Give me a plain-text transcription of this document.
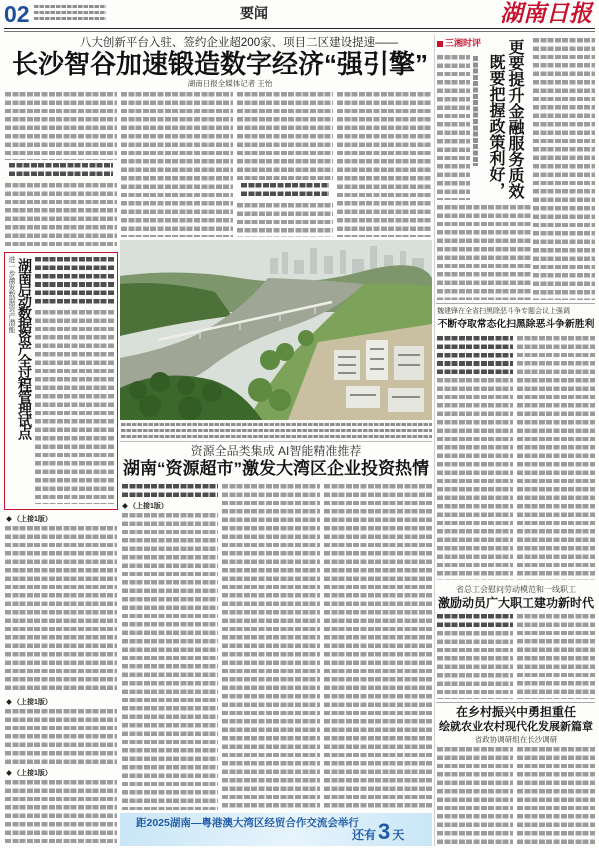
02	要闻	湖南日报
八大创新平台入驻、签约企业超200家、项目二区建设提速——
长沙智谷加速锻造数字经济“强引擎”
湖南日报全媒体记者 王怡
资源全品类集成 AI智能精准推荐
湖南“资源超市”激发大湾区企业投资热情
（上接1版）
进一步激发数据资产潜能 湖南启动数据资产全过程管理试点
（上接1版）
（上接1版）
（上接1版）
距2025湖南—粤港澳大湾区经贸合作交流会举行
还有3 天
三湘时评 更要提升金融服务质效
既要把握政策利好，
魏建锋在全省扫黑除恶斗争专题会议上强调
不断夺取常态化扫黑除恶斗争新胜利
省总工会慰问劳动模范和一线职工
激励动员广大职工建功新时代
在乡村振兴中勇担重任
绘就农业农村现代化发展新篇章
省政协调研组在长沙调研
